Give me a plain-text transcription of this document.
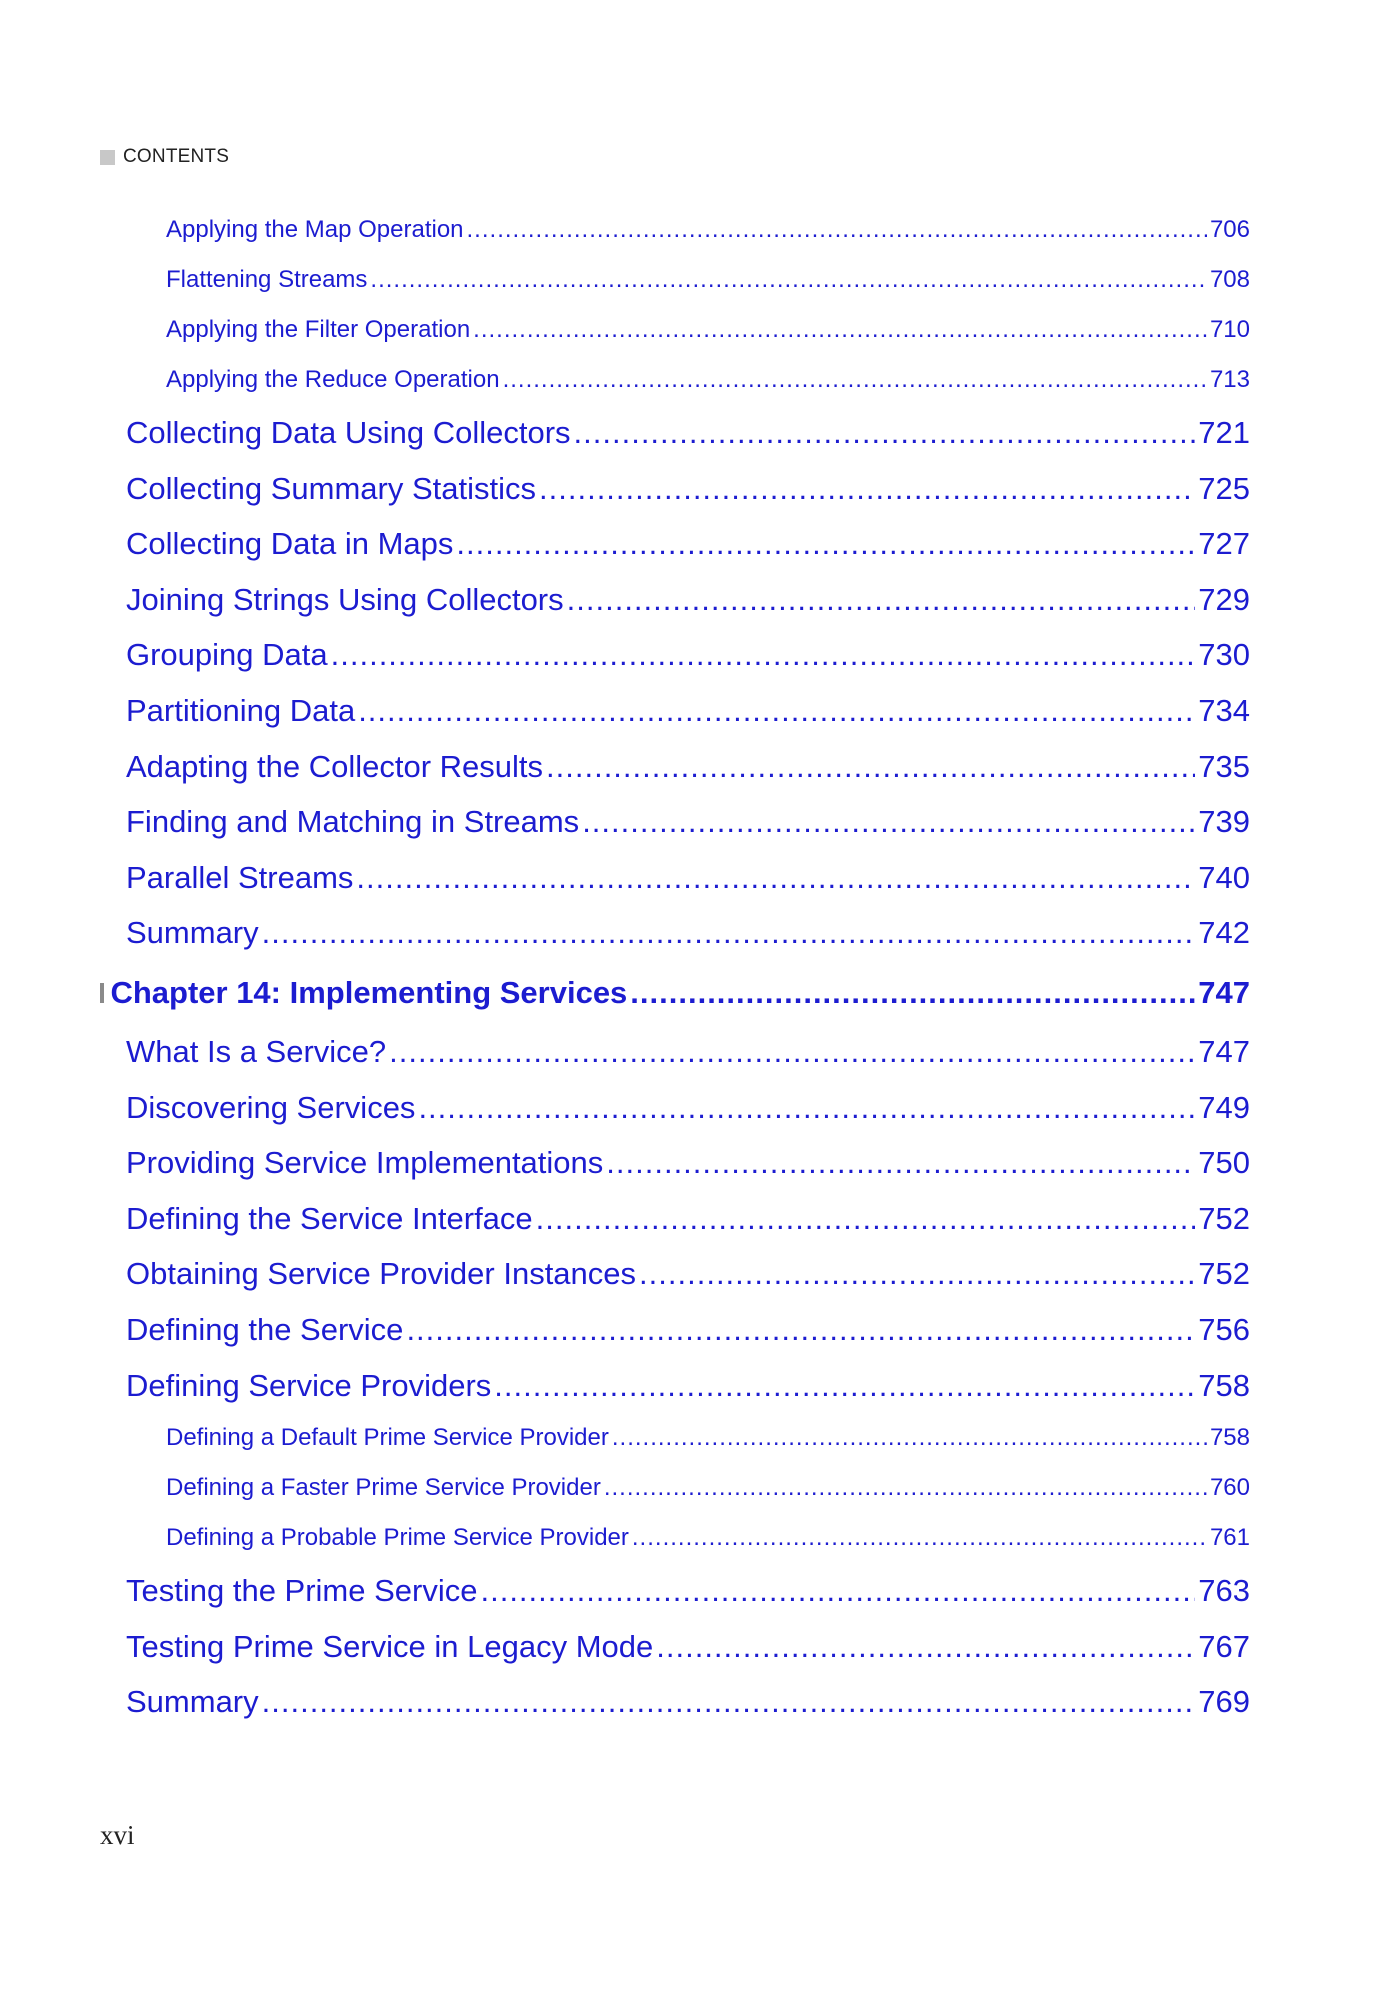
CONTENTS
Applying the Map Operation .....	706
Flattening Streams .....	708
Applying the Filter Operation .....	710
Applying the Reduce Operation .....	713
Collecting Data Using Collectors .....	721
Collecting Summary Statistics .....	725
Collecting Data in Maps .....	727
Joining Strings Using Collectors .....	729
Grouping Data .....	730
Partitioning Data .....	734
Adapting the Collector Results .....	735
Finding and Matching in Streams .....	739
Parallel Streams .....	740
Summary .....	742
Chapter 14: Implementing Services .....	747
What Is a Service? .....	747
Discovering Services .....	749
Providing Service Implementations .....	750
Defining the Service Interface .....	752
Obtaining Service Provider Instances .....	752
Defining the Service .....	756
Defining Service Providers .....	758
Defining a Default Prime Service Provider .....	758
Defining a Faster Prime Service Provider .....	760
Defining a Probable Prime Service Provider .....	761
Testing the Prime Service .....	763
Testing Prime Service in Legacy Mode .....	767
Summary .....	769
xvi
